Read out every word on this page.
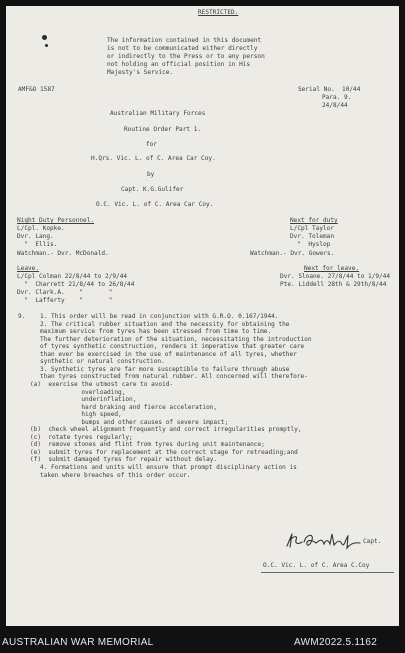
RESTRICTED.
The information contained in this document
is not to be communicated either directly
or indirectly to the Press or to any person
not holding an official position in His
Majesty's Service.
AMF&O 1587	Serial No.  10/44
Para. 9.
24/8/44
Australian Military Forces
Routine Order Part 1.
for
H.Qrs. Vic. L. of C. Area Car Coy.
by
Capt. K.G.Gulifer
O.C. Vic. L. of C. Area Car Coy.
Night Duty Personnel.
L/Cpl. Kopke.
Dvr. Lang.
"  Ellis.
Watchman.- Dvr. McDonald.
Next for duty
L/Cpl Taylor
Dvr. Toleman
"  Hyslop
Watchman.- Dvr. Gowers.
Leave.
L/Cpl Colman 22/8/44 to 2/9/44
"  Charrett 21/8/44 to 26/8/44
Dvr. Clark.A.    "       "
"  Lafferty    "       "
Next for leave.
Dvr. Sloane. 27/8/44 to 1/9/44
Pte. Liddell 28th & 29th/8/44
9. 1. This order will be read in conjunction with G.R.O. 0.167/1944.
2. The critical rubber situation and the necessity for obtaining the
maximum service from tyres has been stressed from time to time.
The further deterioration of the situation, necessitating the introduction
of tyres synthetic construction, renders it imperative that greater care
than ever be exercised in the use of maintenance of all tyres, whether
synthetic or natural construction.
3. Synthetic tyres are far more susceptible to failure through abuse
than tyres constructed from natural rubber. All concerned will therefore-
(a)  exercise the utmost care to avoid-
overloading,
underinflation,
hard braking and fierce acceleration,
high speed,
bumps and other causes of severe impact;
(b)  check wheel alignment frequently and correct irregularities promptly,
(c)  rotate tyres regularly;
(d)  remove stones and flint from tyres during unit maintenance;
(e)  submit tyres for replacement at the correct stage for retreading;and
(f)  submit damaged tyres for repair without delay.
4. Formations and units will ensure that prompt disciplinary action is
taken where breaches of this order occur.
Capt.
O.C. Vic. L. of C. Area C.Coy
AUSTRALIAN WAR MEMORIAL	AWM2022.5.1162
